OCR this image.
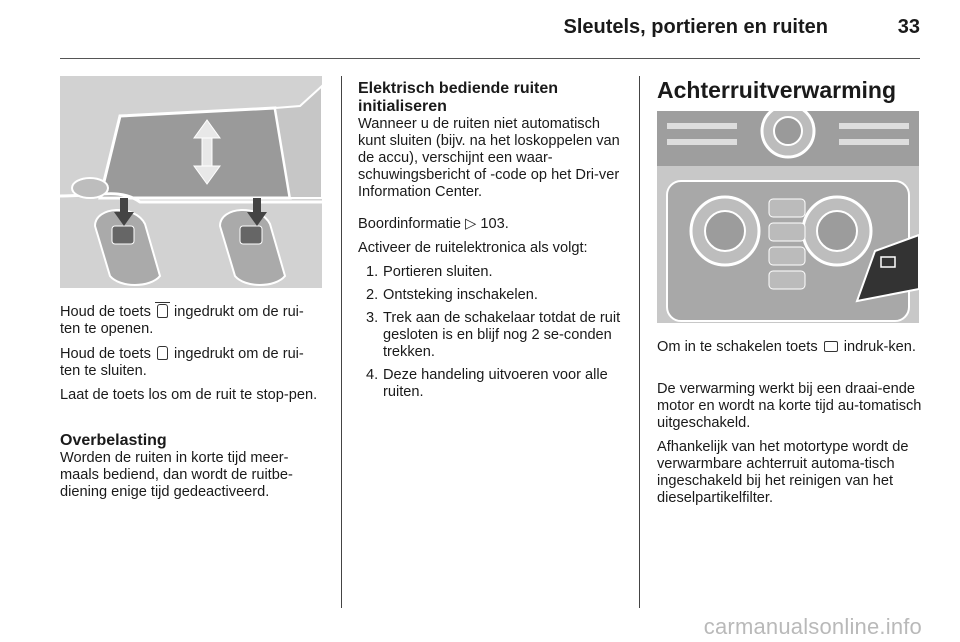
Sleutels, portieren en ruiten	33

Houd de toets ingedrukt om de rui-ten te openen.

Houd de toets ingedrukt om de rui-ten te sluiten.

Laat de toets los om de ruit te stop-pen.

Overbelasting
Worden de ruiten in korte tijd meer-maals bediend, dan wordt de ruitbe-diening enige tijd gedeactiveerd.
Elektrisch bediende ruiten initialiseren
Wanneer u de ruiten niet automatisch kunt sluiten (bijv. na het loskoppelen van de accu), verschijnt een waar-schuwingsbericht of -code op het Dri-ver Information Center.

Boordinformatie ▷ 103.

Activeer de ruitelektronica als volgt:

1. Portieren sluiten.
2. Ontsteking inschakelen.
3. Trek aan de schakelaar totdat de ruit gesloten is en blijf nog 2 se-conden trekken.
4. Deze handeling uitvoeren voor alle ruiten.
Achterruitverwarming

Om in te schakelen toets indruk-ken.

De verwarming werkt bij een draai-ende motor en wordt na korte tijd au-tomatisch uitgeschakeld.

Afhankelijk van het motortype wordt de verwarmbare achterruit automa-tisch ingeschakeld bij het reinigen van het dieselpartikelfilter.

carmanualsonline.info
